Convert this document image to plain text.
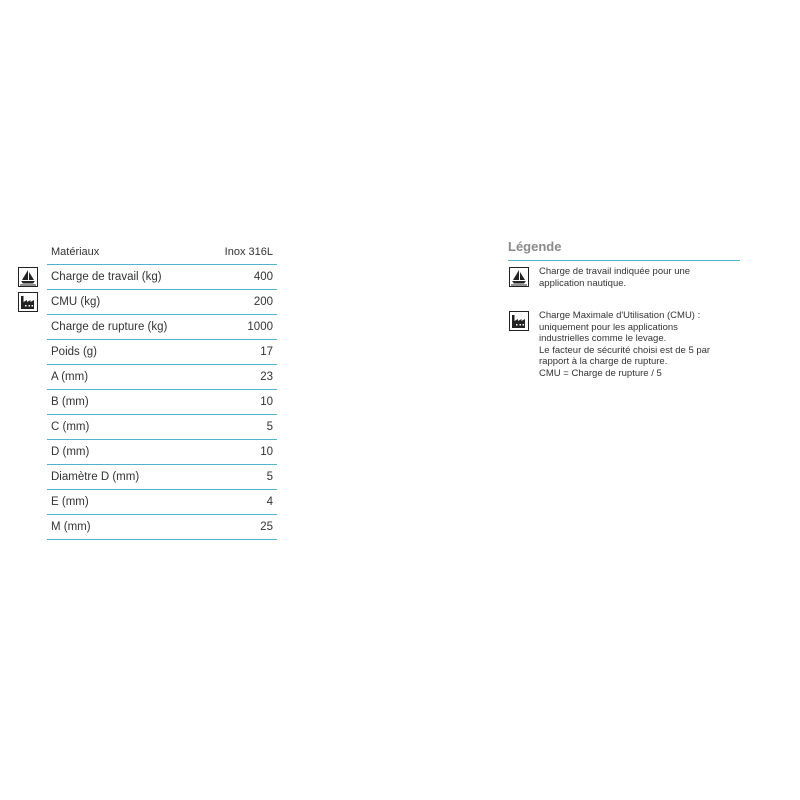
Matériaux	Inox 316L
Charge de travail (kg)	400
CMU (kg)	200
Charge de rupture (kg)	1000
Poids (g)	17
A (mm)	23
B (mm)	10
C (mm)	5
D (mm)	10
Diamètre D (mm)	5
E (mm)	4
M (mm)	25
Légende
Charge de travail indiquée pour une
application nautique.
Charge Maximale d'Utilisation (CMU) :
uniquement pour les applications
industrielles comme le levage.
Le facteur de sécurité choisi est de 5 par
rapport à la charge de rupture.
CMU = Charge de rupture / 5
